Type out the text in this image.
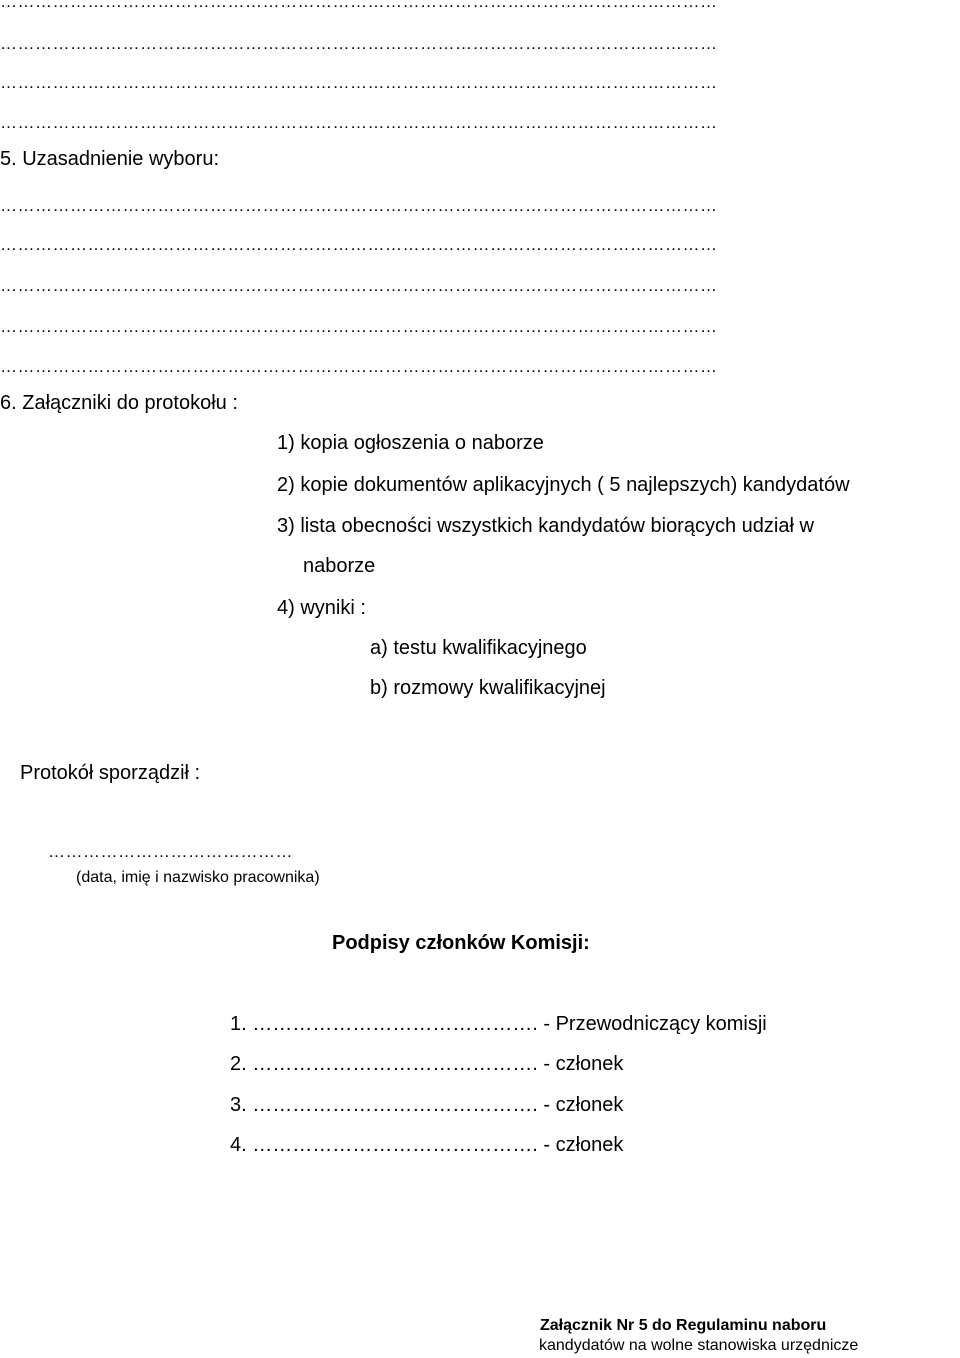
……………………………………………………………………………………………………………
……………………………………………………………………………………………………………
……………………………………………………………………………………………………………
……………………………………………………………………………………………………………
5. Uzasadnienie wyboru:
……………………………………………………………………………………………………………
……………………………………………………………………………………………………………
……………………………………………………………………………………………………………
……………………………………………………………………………………………………………
……………………………………………………………………………………………………………
6. Załączniki do protokołu :
1) kopia ogłoszenia o naborze
2) kopie dokumentów aplikacyjnych ( 5 najlepszych) kandydatów
3) lista obecności wszystkich kandydatów biorących udział w
naborze
4) wyniki :
a) testu kwalifikacyjnego
b) rozmowy kwalifikacyjnej
Protokół sporządził :
……………………………………
(data, imię i nazwisko pracownika)
Podpisy członków Komisji:
1. ……………………………………. - Przewodniczący komisji
2. ……………………………………. - członek
3. ……………………………………. - członek
4. ……………………………………. - członek
Załącznik Nr 5 do Regulaminu naboru
kandydatów na wolne stanowiska urzędnicze
